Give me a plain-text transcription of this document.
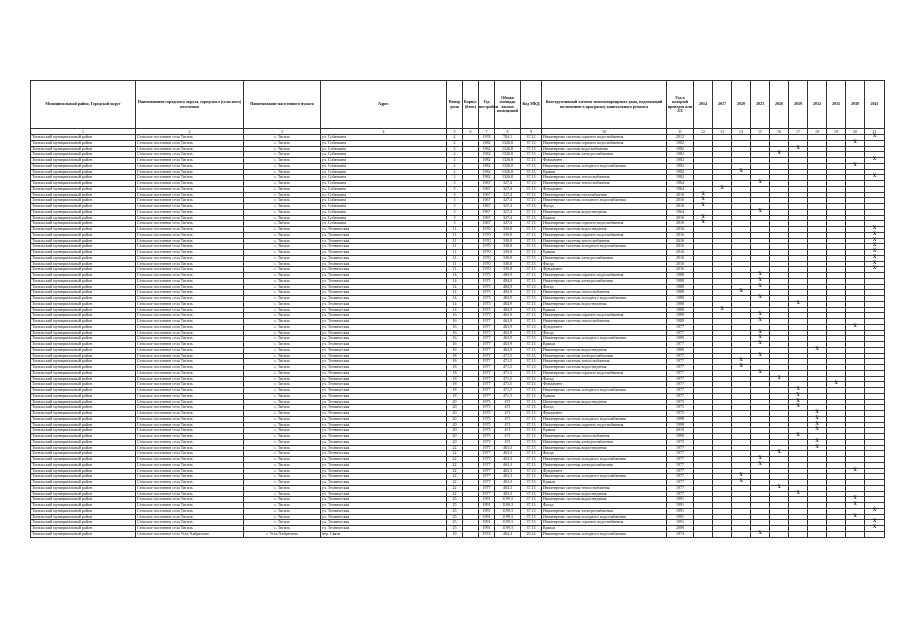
Муниципальный район, Городской округ	Наименование городского округа, городского (сельского) поселения	Наименование населенного пункта	Адрес	Номер дома	Корпус (блок)	Год постройки	Общая площадь жилых помещений	Код МКД	Конструктивный элемент многоквартирного дома, подлежащий включению в программу капитального ремонта	Год в который проведен или XX	2014	2017	2020	2023	2026	2029	2032	2035	2038	2041
1	2	3	4	5	6	7	8	9	10	11	12	13	14	15	16	17	18	19	20	21
Тигильский муниципальный район	Сельское поселение села Тигиль	с. Тигиль	ул. Собачкина	2		1978	784,1	37.12	Инженерные системы горячего водоснабжения	2012										X
Тигильский муниципальный район	Сельское поселение села Тигиль	с. Тигиль	ул. Собачкина	2		1982	1326,8	37.13	Инженерные системы горячего водоснабжения	1982									X	
Тигильский муниципальный район	Сельское поселение села Тигиль	с. Тигиль	ул. Собачкина	2		1982	1326,8	37.13	Инженерные системы водоснабжения	1982						X				
Тигильский муниципальный район	Сельское поселение села Тигиль	с. Тигиль	ул. Собачкина	2		1982	1326,8	37.13	Инженерные системы электроснабжения	1982					X					
Тигильский муниципальный район	Сельское поселение села Тигиль	с. Тигиль	ул. Собачкина	2		1982	1326,8	37.13	Фундамент	1982										X
Тигильский муниципальный район	Сельское поселение села Тигиль	с. Тигиль	ул. Собачкина	2		1982	1326,8	37.13	Инженерные системы холодного водоснабжения	1982									X	
Тигильский муниципальный район	Сельское поселение села Тигиль	с. Тигиль	ул. Собачкина	2		1982	1326,8	37.13	Крыша	1982			X							
Тигильский муниципальный район	Сельское поселение села Тигиль	с. Тигиль	ул. Собачкина	2		1982	1326,8	37.13	Инженерные системы теплоснабжения	1982										X
Тигильский муниципальный район	Сельское поселение села Тигиль	с. Тигиль	ул. Собачкина	3		1967	327,4	37.13	Инженерные системы теплоснабжения	1964				X						
Тигильский муниципальный район	Сельское поселение села Тигиль	с. Тигиль	ул. Собачкина	3		1967	327,4	37.13	Фундамент	1964		X								
Тигильский муниципальный район	Сельское поселение села Тигиль	с. Тигиль	ул. Собачкина	3		1967	327,4	37.13	Инженерные системы газоснабжения	2016	X									
Тигильский муниципальный район	Сельское поселение села Тигиль	с. Тигиль	ул. Собачкина	3		1967	327,4	37.13	Инженерные системы холодного водоснабжения	2016	X									
Тигильский муниципальный район	Сельское поселение села Тигиль	с. Тигиль	ул. Собачкина	3		1967	327,4	37.13	Фасад	2016	X									
Тигильский муниципальный район	Сельское поселение села Тигиль	с. Тигиль	ул. Собачкина	3		1967	327,4	37.13	Инженерные системы водоотведения	1964				X						
Тигильский муниципальный район	Сельское поселение села Тигиль	с. Тигиль	ул. Собачкина	3		1967	327,4	37.13	Крыша	2016	X									
Тигильский муниципальный район	Сельское поселение села Тигиль	с. Тигиль	ул. Собачкина	3		1967	327,4	37.13	Инженерные системы горячего водоснабжения	2016	X									
Тигильский муниципальный район	Сельское поселение села Тигиль	с. Тигиль	ул. Техническая	11		1970	330,8	37.13	Инженерные системы водоотведения	2016										X
Тигильский муниципальный район	Сельское поселение села Тигиль	с. Тигиль	ул. Техническая	11		1970	330,8	37.13	Инженерные системы горячего водоснабжения	2016										X
Тигильский муниципальный район	Сельское поселение села Тигиль	с. Тигиль	ул. Техническая	11		1970	330,8	37.13	Инженерные системы теплоснабжения	2016										X
Тигильский муниципальный район	Сельское поселение села Тигиль	с. Тигиль	ул. Техническая	11		1970	330,8	37.13	Инженерные системы холодного водоснабжения	2016										X
Тигильский муниципальный район	Сельское поселение села Тигиль	с. Тигиль	ул. Техническая	11		1970	330,8	37.13	Крыша	2016										X
Тигильский муниципальный район	Сельское поселение села Тигиль	с. Тигиль	ул. Техническая	11		1970	330,8	37.13	Инженерные системы электроснабжения	2016										X
Тигильский муниципальный район	Сельское поселение села Тигиль	с. Тигиль	ул. Техническая	11		1970	330,8	37.13	Фасад	2016										X
Тигильский муниципальный район	Сельское поселение села Тигиль	с. Тигиль	ул. Техническая	11		1970	330,8	37.13	Фундамент	2016										X
Тигильский муниципальный район	Сельское поселение села Тигиль	с. Тигиль	ул. Техническая	14		1975	484,9	37.13	Инженерные системы горячего водоснабжения	1988				X						
Тигильский муниципальный район	Сельское поселение села Тигиль	с. Тигиль	ул. Техническая	14		1975	484,9	37.13	Инженерные системы электроснабжения	1988				X						
Тигильский муниципальный район	Сельское поселение села Тигиль	с. Тигиль	ул. Техническая	14		1975	484,9	37.13	Фасад	1988				X						
Тигильский муниципальный район	Сельское поселение села Тигиль	с. Тигиль	ул. Техническая	14		1975	484,9	37.13	Инженерные системы теплоснабжения	1988			X							
Тигильский муниципальный район	Сельское поселение села Тигиль	с. Тигиль	ул. Техническая	14		1975	484,9	37.13	Инженерные системы холодного водоснабжения	1988				X						
Тигильский муниципальный район	Сельское поселение села Тигиль	с. Тигиль	ул. Техническая	14		1975	484,9	37.13	Инженерные системы водоотведения	1988						X				
Тигильский муниципальный район	Сельское поселение села Тигиль	с. Тигиль	ул. Техническая	14		1975	484,9	37.13	Крыша	1988		X								
Тигильский муниципальный район	Сельское поселение села Тигиль	с. Тигиль	ул. Техническая	16		1977	463,9	37.13	Инженерные системы горячего водоснабжения	1989				X						
Тигильский муниципальный район	Сельское поселение села Тигиль	с. Тигиль	ул. Техническая	16		1977	463,9	37.13	Инженерные системы теплоснабжения	1989				X						
Тигильский муниципальный район	Сельское поселение села Тигиль	с. Тигиль	ул. Техническая	16		1977	463,9	37.13	Фундамент	1977									X	
Тигильский муниципальный район	Сельское поселение села Тигиль	с. Тигиль	ул. Техническая	16		1977	463,9	37.13	Фасад	1977				X						
Тигильский муниципальный район	Сельское поселение села Тигиль	с. Тигиль	ул. Техническая	16		1977	463,9	37.13	Инженерные системы холодного водоснабжения	1989				X						
Тигильский муниципальный район	Сельское поселение села Тигиль	с. Тигиль	ул. Техническая	16		1977	463,9	37.13	Крыша	1977				X						
Тигильский муниципальный район	Сельское поселение села Тигиль	с. Тигиль	ул. Техническая	16		1977	463,9	37.13	Инженерные системы водоотведения	1989							X			
Тигильский муниципальный район	Сельское поселение села Тигиль	с. Тигиль	ул. Техническая	18		1977	471,5	37.13	Инженерные системы электроснабжения	1977				X						
Тигильский муниципальный район	Сельское поселение села Тигиль	с. Тигиль	ул. Техническая	18		1977	471,5	37.13	Инженерные системы теплоснабжения	1977			X							
Тигильский муниципальный район	Сельское поселение села Тигиль	с. Тигиль	ул. Техническая	18		1977	471,5	37.13	Инженерные системы водоотведения	1977			X							
Тигильский муниципальный район	Сельское поселение села Тигиль	с. Тигиль	ул. Техническая	18		1977	471,5	37.13	Инженерные системы горячего водоснабжения	1977				X						
Тигильский муниципальный район	Сельское поселение села Тигиль	с. Тигиль	ул. Техническая	18		1977	471,5	37.13	Фасад	1977					X					
Тигильский муниципальный район	Сельское поселение села Тигиль	с. Тигиль	ул. Техническая	18		1977	471,5	37.13	Фундамент	1977								X		
Тигильский муниципальный район	Сельское поселение села Тигиль	с. Тигиль	ул. Техническая	18		1977	471,5	37.13	Инженерные системы холодного водоснабжения	1977						X				
Тигильский муниципальный район	Сельское поселение села Тигиль	с. Тигиль	ул. Техническая	18		1977	471,5	37.13	Крыша	1977						X				
Тигильский муниципальный район	Сельское поселение села Тигиль	с. Тигиль	ул. Техническая	20		1975	471	37.13	Инженерные системы водоотведения	1975						X				
Тигильский муниципальный район	Сельское поселение села Тигиль	с. Тигиль	ул. Техническая	20		1975	471	37.13	Фасад	1975						X				
Тигильский муниципальный район	Сельское поселение села Тигиль	с. Тигиль	ул. Техническая	20		1975	471	37.13	Фундамент	1975							X			
Тигильский муниципальный район	Сельское поселение села Тигиль	с. Тигиль	ул. Техническая	20		1975	471	37.13	Инженерные системы холодного водоснабжения	1998							X			
Тигильский муниципальный район	Сельское поселение села Тигиль	с. Тигиль	ул. Техническая	20		1975	471	37.13	Инженерные системы горячего водоснабжения	1998							X			
Тигильский муниципальный район	Сельское поселение села Тигиль	с. Тигиль	ул. Техническая	20		1975	471	37.13	Крыша	2010							X			
Тигильский муниципальный район	Сельское поселение села Тигиль	с. Тигиль	ул. Техническая	20		1975	471	37.13	Инженерные системы теплоснабжения	1998						X				
Тигильский муниципальный район	Сельское поселение села Тигиль	с. Тигиль	ул. Техническая	20		1975	471	37.13	Инженерные системы электроснабжения	1975							X			
Тигильский муниципальный район	Сельское поселение села Тигиль	с. Тигиль	ул. Техническая	22		1977	463,3	37.13	Инженерные системы водоотведения	1977							X			
Тигильский муниципальный район	Сельское поселение села Тигиль	с. Тигиль	ул. Техническая	22		1977	463,3	37.13	Фасад	1977					X					
Тигильский муниципальный район	Сельское поселение села Тигиль	с. Тигиль	ул. Техническая	22		1977	463,3	37.13	Инженерные системы холодного водоснабжения	1977				X						
Тигильский муниципальный район	Сельское поселение села Тигиль	с. Тигиль	ул. Техническая	22		1977	463,3	37.13	Инженерные системы электроснабжения	1977				X						
Тигильский муниципальный район	Сельское поселение села Тигиль	с. Тигиль	ул. Техническая	22		1977	463,3	37.13	Фундамент	1977									X	
Тигильский муниципальный район	Сельское поселение села Тигиль	с. Тигиль	ул. Техническая	22		1977	463,3	37.13	Инженерные системы холодного водоснабжения	1977			X							
Тигильский муниципальный район	Сельское поселение села Тигиль	с. Тигиль	ул. Техническая	22		1977	463,3	37.13	Крыша	1977			X							
Тигильский муниципальный район	Сельское поселение села Тигиль	с. Тигиль	ул. Техническая	22		1977	463,3	37.13	Инженерные системы теплоснабжения	1977					X					
Тигильский муниципальный район	Сельское поселение села Тигиль	с. Тигиль	ул. Техническая	22		1977	463,3	37.13	Инженерные системы водоотведения	1977						X				
Тигильский муниципальный район	Сельское поселение села Тигиль	с. Тигиль	ул. Техническая	25		1991	1199,3	37.13	Инженерные системы водоотведения	1991									X	
Тигильский муниципальный район	Сельское поселение села Тигиль	с. Тигиль	ул. Техническая	25		1991	1199,3	37.13	Фасад	1991									X	
Тигильский муниципальный район	Сельское поселение села Тигиль	с. Тигиль	ул. Техническая	25		1991	1199,3	37.13	Инженерные системы электроснабжения	1991										X
Тигильский муниципальный район	Сельское поселение села Тигиль	с. Тигиль	ул. Техническая	25		1991	1199,3	37.13	Инженерные системы холодного водоснабжения	1991									X	
Тигильский муниципальный район	Сельское поселение села Тигиль	с. Тигиль	ул. Техническая	25		1991	1199,3	37.13	Инженерные системы горячего водоснабжения	1991										X
Тигильский муниципальный район	Сельское поселение села Тигиль	с. Тигиль	ул. Техническая	25		1991	1199,3	37.13	Крыша	2009										X
Тигильский муниципальный район	Сельское поселение села Усть-Хайрюзово	с. Усть-Хайрюзово	пер. Связи	19		1974	464,4	29.24	Инженерные системы холодного водоснабжения	1974				X						
